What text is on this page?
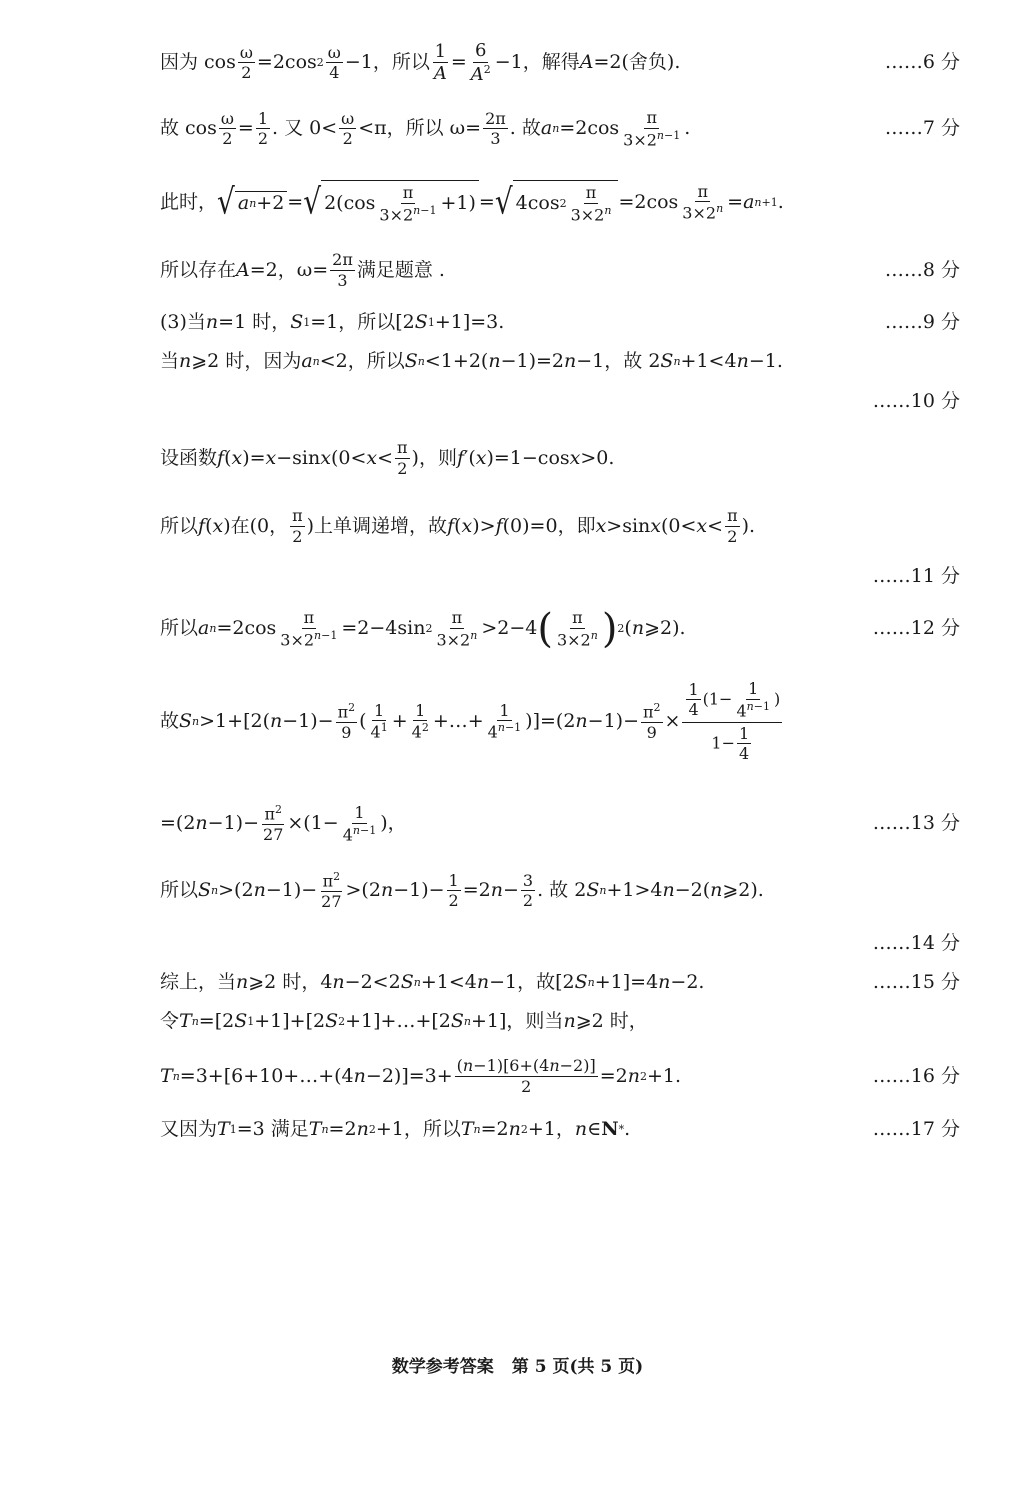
因为 $\cos \frac{\omega}{2} =2\cos$ $2 \frac{\omega}{4} -1$，所以 $\frac{1}{A} = \frac{6}{A^2} -1$，解得 A =2(舍负).	……6 分
故 $\cos \frac{\omega}{2} = \frac{1}{2}$ . 又 $0< \frac{\omega}{2} <\pi$，所以 $\omega= \frac{2\pi}{3}$ . 故 a $n =2\cos \frac{\pi}{3\times 2^{n-1}}$ .	……7 分
此时， √ a n +2 = √ $2(\cos \frac{\pi}{3\times 2^{n-1}} +1)$ = √ 4cos $2 \frac{\pi}{3\times 2^n} =2\cos \frac{\pi}{3\times 2^n} = a$ n+1 .
所以存在 A =2，$\omega= \frac{2\pi}{3}$ 满足题意 .	……8 分
(3)当 n =1 时， S 1 =1，所以[2 S 1 +1]=3.	……9 分
当 n ⩾2 时，因为 a n <2，所以 S n <1+2( n −1)=2 n −1，故 2 S n +1<4 n −1.
……10 分
设函数 f ( x )= x −sin x ($0< x < \frac{\pi}{2}$ )，则 f ′( x )=1−cos x >0.
所以 f ( x )在(0， $\frac{\pi}{2}$ )上单调递增，故 f ( x )> f (0)=0，即 x >sin x ($0< x < \frac{\pi}{2}$ ).
……11 分
所以 a $n =2\cos \frac{\pi}{3\times 2^{n-1}} =2-4\sin$ $2 \frac{\pi}{3\times 2^n} >2-4$ ( $\frac{\pi}{3\times 2^n}$ ) 2 ( n ⩾2).	……12 分
故 S n >1+[2( $n -1)- \frac{\pi^2}{9}$ ( $\frac{1}{4^1} + \frac{1}{4^2}$ +…+ $\frac{1}{4^{n-1}} )]=(2$ $n -1)- \frac{\pi^2}{9} \times \frac{\frac{1}{4} (1- \frac{1}{4^{n-1}} )}{1- \frac{1}{4}}$
=(2 $n -1)- \frac{\pi^2}{27} \times(1- \frac{1}{4^{n-1}}$ )，	……13 分
所以 S n >(2 $n -1)- \frac{\pi^2}{27} >(2$ $n -1)- \frac{1}{2} =2$ $n - \frac{3}{2}$ . 故 2 S n +1>4 n −2( n ⩾2).
……14 分
综上，当 n ⩾2 时，4 n −2<2 S n +1<4 n −1，故[2 S n +1]=4 n −2.	……15 分
令 T n =[2 S 1 +1]+[2 S 2 +1]+…+[2 S n +1]，则当 n ⩾2 时，
T n =3+[6+10+…+(4 $n -2)]=3+ \frac{(n-1)[6+(4n-2)]}{2} =2$ n 2 +1.	……16 分
又因为 T 1 =3 满足 T n =2 n 2 +1，所以 T n =2 n 2 +1， n ∈ N * .	……17 分
数学参考答案 第 5 页(共 5 页)
